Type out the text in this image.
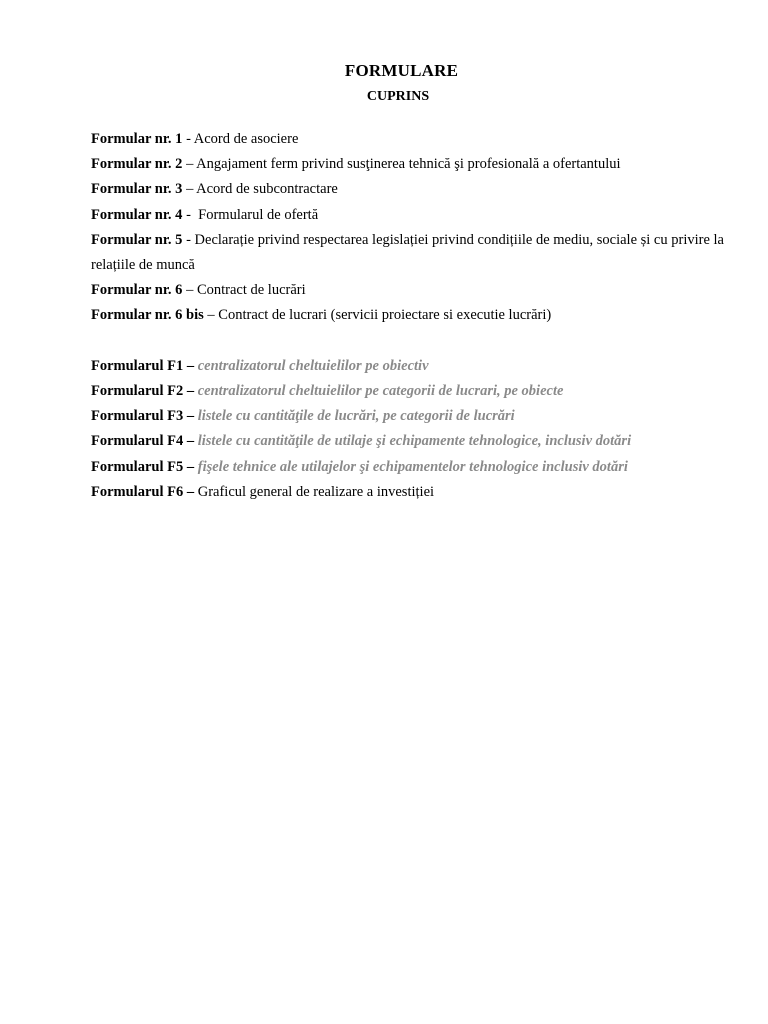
FORMULARE
CUPRINS

Formular nr. 1 - Acord de asociere

Formular nr. 2 – Angajament ferm privind susţinerea tehnică şi profesională a ofertantului

Formular nr. 3 – Acord de subcontractare

Formular nr. 4 -  Formularul de ofertă

Formular nr. 5 - Declarație privind respectarea legislației privind condițiile de mediu, sociale și cu privire la relațiile de muncă

Formular nr. 6 – Contract de lucrări

Formular nr. 6 bis – Contract de lucrari (servicii proiectare si executie lucrări)

Formularul F1 – centralizatorul cheltuielilor pe obiectiv

Formularul F2 – centralizatorul cheltuielilor pe categorii de lucrari, pe obiecte

Formularul F3 – listele cu cantităţile de lucrări, pe categorii de lucrări

Formularul F4 – listele cu cantităţile de utilaje şi echipamente tehnologice, inclusiv dotări

Formularul F5 – fişele tehnice ale utilajelor şi echipamentelor tehnologice inclusiv dotări

Formularul F6 – Graficul general de realizare a investiției
